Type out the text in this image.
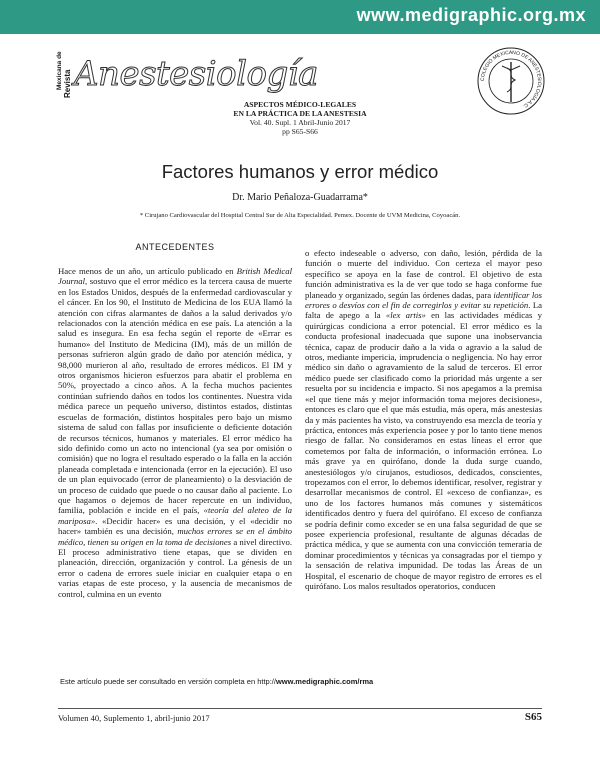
www.medigraphic.org.mx
Mexicana de Revista Anestesiología	COLEGIO MEXICANO DE ANESTESIOLOGÍA A.C.
ASPECTOS MÉDICO-LEGALES
EN LA PRÁCTICA DE LA ANESTESIA
Vol. 40. Supl. 1 Abril-Junio 2017
pp S65-S66
Factores humanos y error médico
Dr. Mario Peñaloza-Guadarrama*
* Cirujano Cardiovascular del Hospital Central Sur de Alta Especialidad. Pemex. Docente de UVM Medicina, Coyoacán.
ANTECEDENTES
Hace menos de un año, un artículo publicado en British Medical Journal, sostuvo que el error médico es la tercera causa de muerte en los Estados Unidos, después de la enfermedad cardiovascular y el cáncer. En los 90, el Instituto de Medicina de los EUA llamó la atención con cifras alarmantes de daños a la salud derivados y/o relacionados con la atención médica en ese país. La atención a la salud es insegura. En esa fecha según el reporte de «Errar es humano» del Instituto de Medicina (IM), más de un millón de personas sufrieron algún grado de daño por atención médica, y 98,000 murieron al año, resultado de errores médicos. El IM y otros organismos hicieron esfuerzos para abatir el problema en 50%, proyectado a cinco años. A la fecha muchos pacientes continúan sufriendo daños en todos los continentes. Nuestra vida médica parece un pequeño universo, distintos estados, distintas escuelas de formación, distintos hospitales pero bajo un mismo sistema de salud con fallas por insuficiente o deficiente dotación de recursos técnicos, humanos y materiales. El error médico ha sido definido como un acto no intencional (ya sea por omisión o comisión) que no logra el resultado esperado o la falla en la acción planeada completada e intencionada (error en la ejecución). El uso de un plan equivocado (error de planeamiento) o la desviación de un proceso de cuidado que puede o no causar daño al paciente. Lo que hagamos o dejemos de hacer repercute en un individuo, familia, población e incide en el país, «teoría del aleteo de la mariposa». «Decidir hacer» es una decisión, y el «decidir no hacer» también es una decisión, muchos errores se en el ámbito médico, tienen su origen en la toma de decisiones a nivel directivo. El proceso administrativo tiene etapas, que se dividen en planeación, dirección, organización y control. La génesis de un error o cadena de errores suele iniciar en cualquier etapa o en varias etapas de este proceso, y la ausencia de mecanismos de control, culmina en un evento
o efecto indeseable o adverso, con daño, lesión, pérdida de la función o muerte del individuo. Con certeza el mayor peso específico se apoya en la fase de control. El objetivo de esta función administrativa es la de ver que todo se haga conforme fue planeado y organizado, según las órdenes dadas, para identificar los errores o desvíos con el fin de corregirlos y evitar su repetición. La falta de apego a la «lex artis» en las actividades médicas y quirúrgicas condiciona a error potencial. El error médico es la conducta profesional inadecuada que supone una inobservancia técnica, capaz de producir daño a la vida o agravio a la salud de otros, mediante impericia, imprudencia o negligencia. No hay error médico sin daño o agravamiento de la salud de terceros. El error médico puede ser clasificado como la prioridad más urgente a ser resuelta por su incidencia e impacto. Si nos apegamos a la premisa «el que tiene más y mejor información toma mejores decisiones», entonces es claro que el que más estudia, más opera, más anestesias da y más pacientes ha visto, va construyendo esa mezcla de teoría y práctica, entonces más experiencia posee y por lo tanto tiene menos riesgo de fallar. No consideramos en estas líneas el error que cometemos por falta de información, o información errónea. Lo más grave ya en quirófano, donde la duda surge cuando, anestesiólogos y/o cirujanos, estudiosos, dedicados, conscientes, tropezamos con el error, lo debemos identificar, resolver, registrar y desarrollar mecanismos de control. El «exceso de confianza», es uno de los factores humanos más comunes y sistemáticos identificados dentro y fuera del quirófano. El exceso de confianza se podría definir como exceder se en una falsa seguridad de que se posee experiencia profesional, resultante de algunas décadas de práctica médica, y que se aumenta con una convicción temeraria de dominar procedimientos y técnicas ya consagradas por el tiempo y la sensación de relativa impunidad. De todas las Áreas de un Hospital, el escenario de choque de mayor registro de errores es el quirófano. Los malos resultados operatorios, conducen
Este artículo puede ser consultado en versión completa en http://www.medigraphic.com/rma
Volumen 40, Suplemento 1, abril-junio 2017	S65
